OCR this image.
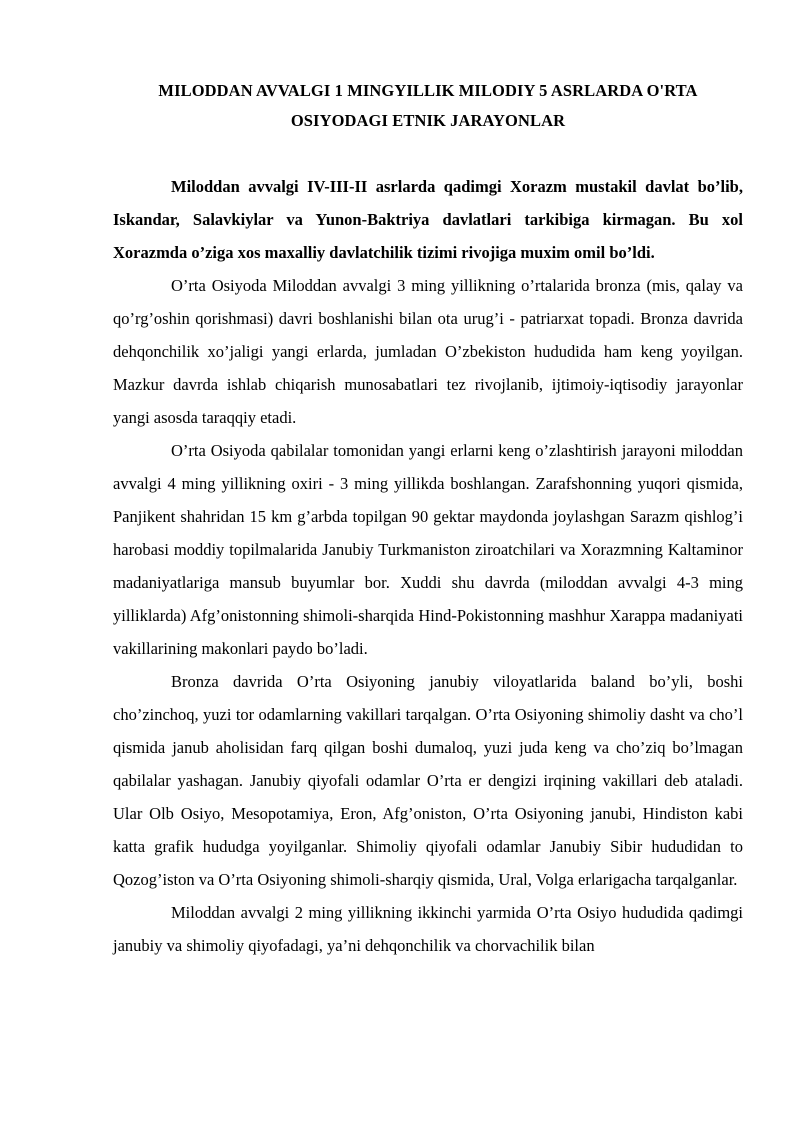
MILODDAN AVVALGI 1 MINGYILLIK MILODIY 5 ASRLARDA O'RTA OSIYODAGI ETNIK JARAYONLAR

Miloddan avvalgi IV-III-II asrlarda qadimgi Xorazm mustakil davlat bo’lib, Iskandar, Salavkiylar va Yunon-Baktriya davlatlari tarkibiga kirmagan. Bu xol Xorazmda o’ziga xos maxalliy davlatchilik tizimi rivojiga muxim omil bo’ldi.

O’rta Osiyoda Miloddan avvalgi 3 ming yillikning o’rtalarida bronza (mis, qalay va qo’rg’oshin qorishmasi) davri boshlanishi bilan ota urug’i - patriarxat topadi. Bronza davrida dehqonchilik xo’jaligi yangi erlarda, jumladan O’zbekiston hududida ham keng yoyilgan. Mazkur davrda ishlab chiqarish munosabatlari tez rivojlanib, ijtimoiy-iqtisodiy jarayonlar yangi asosda taraqqiy etadi.

O’rta Osiyoda qabilalar tomonidan yangi erlarni keng o’zlashtirish jarayoni miloddan avvalgi 4 ming yillikning oxiri - 3 ming yillikda boshlangan. Zarafshonning yuqori qismida, Panjikent shahridan 15 km g’arbda topilgan 90 gektar maydonda joylashgan Sarazm qishlog’i harobasi moddiy topilmalarida Janubiy Turkmaniston ziroatchilari va Xorazmning Kaltaminor madaniyatlariga mansub buyumlar bor. Xuddi shu davrda (miloddan avvalgi 4-3 ming yilliklarda) Afg’onistonning shimoli-sharqida Hind-Pokistonning mashhur Xarappa madaniyati vakillarining makonlari paydo bo’ladi.

Bronza davrida O’rta Osiyoning janubiy viloyatlarida baland bo’yli, boshi cho’zinchoq, yuzi tor odamlarning vakillari tarqalgan. O’rta Osiyoning shimoliy dasht va cho’l qismida janub aholisidan farq qilgan boshi dumaloq, yuzi juda keng va cho’ziq bo’lmagan qabilalar yashagan. Janubiy qiyofali odamlar O’rta er dengizi irqining vakillari deb ataladi. Ular Olb Osiyo, Mesopotamiya, Eron, Afg’oniston, O’rta Osiyoning janubi, Hindiston kabi katta grafik hududga yoyilganlar. Shimoliy qiyofali odamlar Janubiy Sibir hududidan to Qozog’iston va O’rta Osiyoning shimoli-sharqiy qismida, Ural, Volga erlarigacha tarqalganlar.

Miloddan avvalgi 2 ming yillikning ikkinchi yarmida O’rta Osiyo hududida qadimgi janubiy va shimoliy qiyofadagi, ya’ni dehqonchilik va chorvachilik bilan
